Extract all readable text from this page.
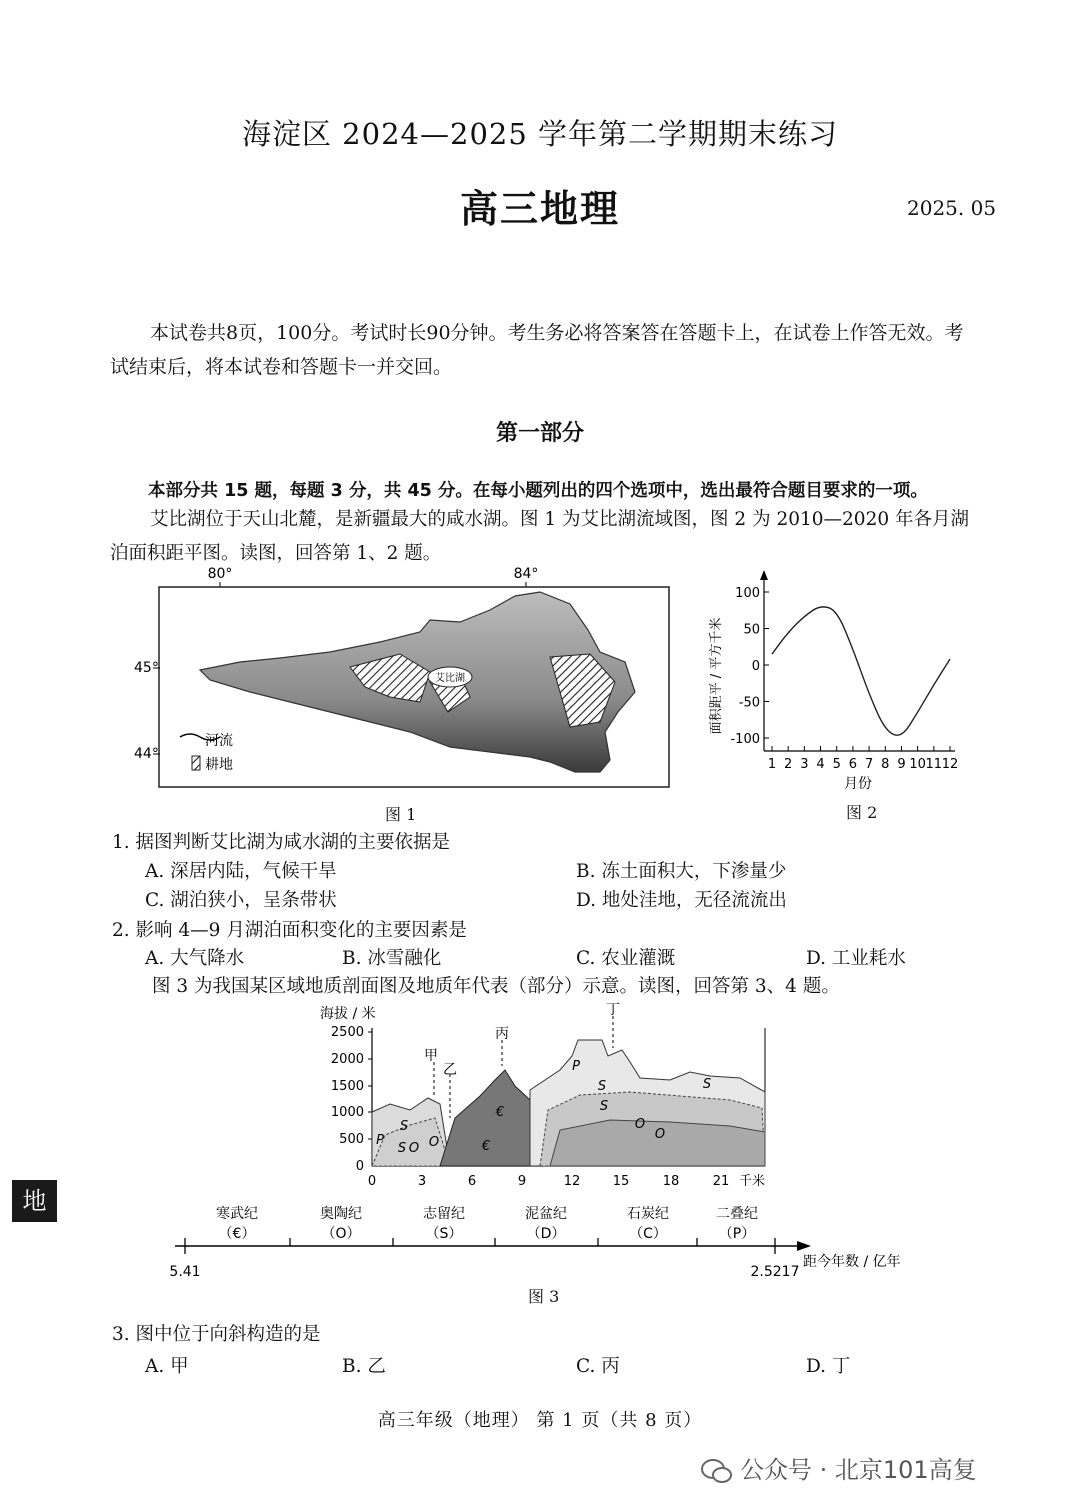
海淀区 2024—2025 学年第二学期期末练习
高三地理	2025. 05
本试卷共8页，100分。考试时长90分钟。考生务必将答案答在答题卡上，在试卷上作答无效。考试结束后，将本试卷和答题卡一并交回。
第一部分
本部分共 15 题，每题 3 分，共 45 分。在每小题列出的四个选项中，选出最符合题目要求的一项。
艾比湖位于天山北麓，是新疆最大的咸水湖。图 1 为艾比湖流域图，图 2 为 2010—2020 年各月湖泊面积距平图。读图，回答第 1、2 题。
80°	84°
45°
44°
艾比湖
河流
耕地
图 1
面积距平 / 平方千米
100
50
0
-50
-100
1 2 3 4 5 6 7 8 9 10 11 12
月份
图 2
1. 据图判断艾比湖为咸水湖的主要依据是
A. 深居内陆，气候干旱	B. 冻土面积大，下渗量少
C. 湖泊狭小，呈条带状	D. 地处洼地，无径流流出
2. 影响 4—9 月湖泊面积变化的主要因素是
A. 大气降水	B. 冰雪融化	C. 农业灌溉	D. 工业耗水
图 3 为我国某区域地质剖面图及地质年代表（部分）示意。读图，回答第 3、4 题。
海拔 / 米
2500
2000
1500
1000
500
0
0	3	6	9	12 15	18	21 千米
甲
乙
丙
丁
P
S
O
€
S O	€
P
S
S
S
O
O
寒武纪
（€）
奥陶纪
（O）
志留纪
（S）
泥盆纪
（D）
石炭纪
（C）
二叠纪
（P）
5.41	2.5217
距今年数 / 亿年
图 3
3. 图中位于向斜构造的是
A. 甲	B. 乙	C. 丙	D. 丁
地
高三年级（地理） 第 1 页（共 8 页）
公众号 · 北京101高复
